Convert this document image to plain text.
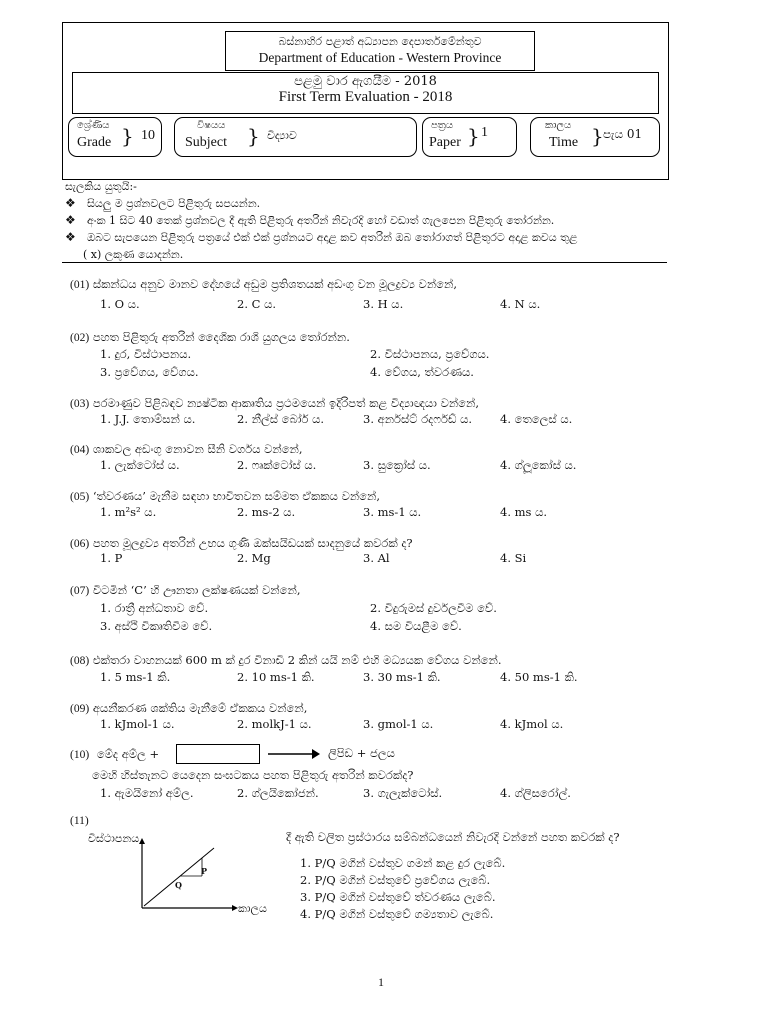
බස්නාහිර පළාත් අධ්‍යාපන දෙපාර්තමේන්තුව
Department of Education - Western Province
පළමු වාර ඇගයීම - 2018
First Term Evaluation - 2018
ශ්‍රේණිය
Grade } 10
විෂයය
Subject } විද්‍යාව
පත්‍රය
Paper } 1	කාලය
Time } පැය 01
සැලකිය යුතුයි:-
❖	සියලු ම ප්‍රශ්නවලට පිළිතුරු සපයන්න.
❖	අංක 1 සිට 40 තෙක් ප්‍රශ්නවල දී ඇති පිළිතුරු අතරින් නිවැරදි හෝ වඩාත් ගැලපෙන පිළිතුරු තෝරන්න.
❖	ඔබට සැපයෙන පිළිතුරු පත්‍රයේ එක් එක් ප්‍රශ්නයට අදාළ කව අතරින් ඔබ තෝරාගත් පිළිතුරට අදාළ කවය තුළ
( x) ලකුණ යොදන්න.
(01) ස්කන්ධය අනුව මානව දේහයේ අඩුම ප්‍රතිශතයක් අඩංගු වන මූලද්‍රව්‍ය වන්නේ,
1. O ය.	2. C ය.	3. H ය.	4. N ය.
(02) පහත පිළිතුරු අතරින් දෛශික රාශි යුගලය තෝරන්න.
1. දුර, විස්ථාපනය.	2. විස්ථාපනය, ප්‍රවේගය.
3. ප්‍රවේගය, වේගය.	4. වේගය, ත්වරණය.
(03) පරමාණුව පිළිබඳව න්‍යෂ්ටික ආකෘතිය ප්‍රථමයෙන් ඉදිරිපත් කළ විද්‍යාඥයා වන්නේ,
1. J.J. තොම්සන් ය.	2. නීල්ස් බෝර් ය.	3. අර්නස්ට් රදර්ෆඩ් ය. 4. තෙලෙස් ය.
(04) ශාකවල අඩංගු නොවන සීනි වර්ගය වන්නේ,
1. ලැක්ටෝස් ය.	2. ෆෘක්ටෝස් ය.	3. සුක්‍රෝස් ය.	4. ග්ලූකෝස් ය.
(05) ‘ත්වරණය’ මැනීම සඳහා භාවිතවන සම්මත ඒකකය වන්නේ,
1. m²s² ය.	2. ms-2 ය.	3. ms-1 ය.	4. ms ය.
(06) පහත මූලද්‍රව්‍ය අතරින් උභය ගුණි ඔක්සයිඩයක් සාදනුයේ කවරක් ද?
1. P	2. Mg	3. Al	4. Si
(07) විටමින් ‘C’ හි ඌනතා ලක්ෂණයක් වන්නේ,
1. රාත්‍රී අන්ධතාව වේ.	2. විදුරුමස් දුර්වලවීම වේ.
3. අස්ථි විකෘතිවීම වේ.	4. සම වියළීම වේ.
(08) එක්තරා වාහනයක් 600 m ක් දුර විනාඩි 2 කින් යයි නම් එහි මධ්‍යයක වේගය වන්නේ.
1. 5 ms-1 කි.	2. 10 ms-1 කි.	3. 30 ms-1 කි.	4. 50 ms-1 කි.
(09) අයනීකරණ ශක්තිය මැනීමේ ඒකකය වන්නේ,
1. kJmol-1 ය.	2. molkJ-1 ය.	3. gmol-1 ය.	4. kJmol ය.
(10) මේද අම්ල +	ලිපිඩ + ජලය
මෙහි හිස්තැනට යෙදෙන සංඝටකය පහත පිළිතුරු අතරින් කවරක්ද?
1. ඇමයිනෝ අම්ල.	2. ග්ලයිකෝජන්.	3. ගැලැක්ටෝස්.	4. ග්ලිසරෝල්.
(11)
විස්ථාපනය
P
Q
කාලය
දී ඇති චලිත ප්‍රස්ථාරය සම්බන්ධයෙන් නිවැරදි වන්නේ පහත කවරක් ද?
1. P/Q මගින් වස්තුව ගමන් කළ දුර ලැබේ.
2. P/Q මගින් වස්තුවේ ප්‍රවේගය ලැබේ.
3. P/Q මගින් වස්තුවේ ත්වරණය ලැබේ.
4. P/Q මගින් වස්තුවේ ගම්‍යතාව ලැබේ.
1
